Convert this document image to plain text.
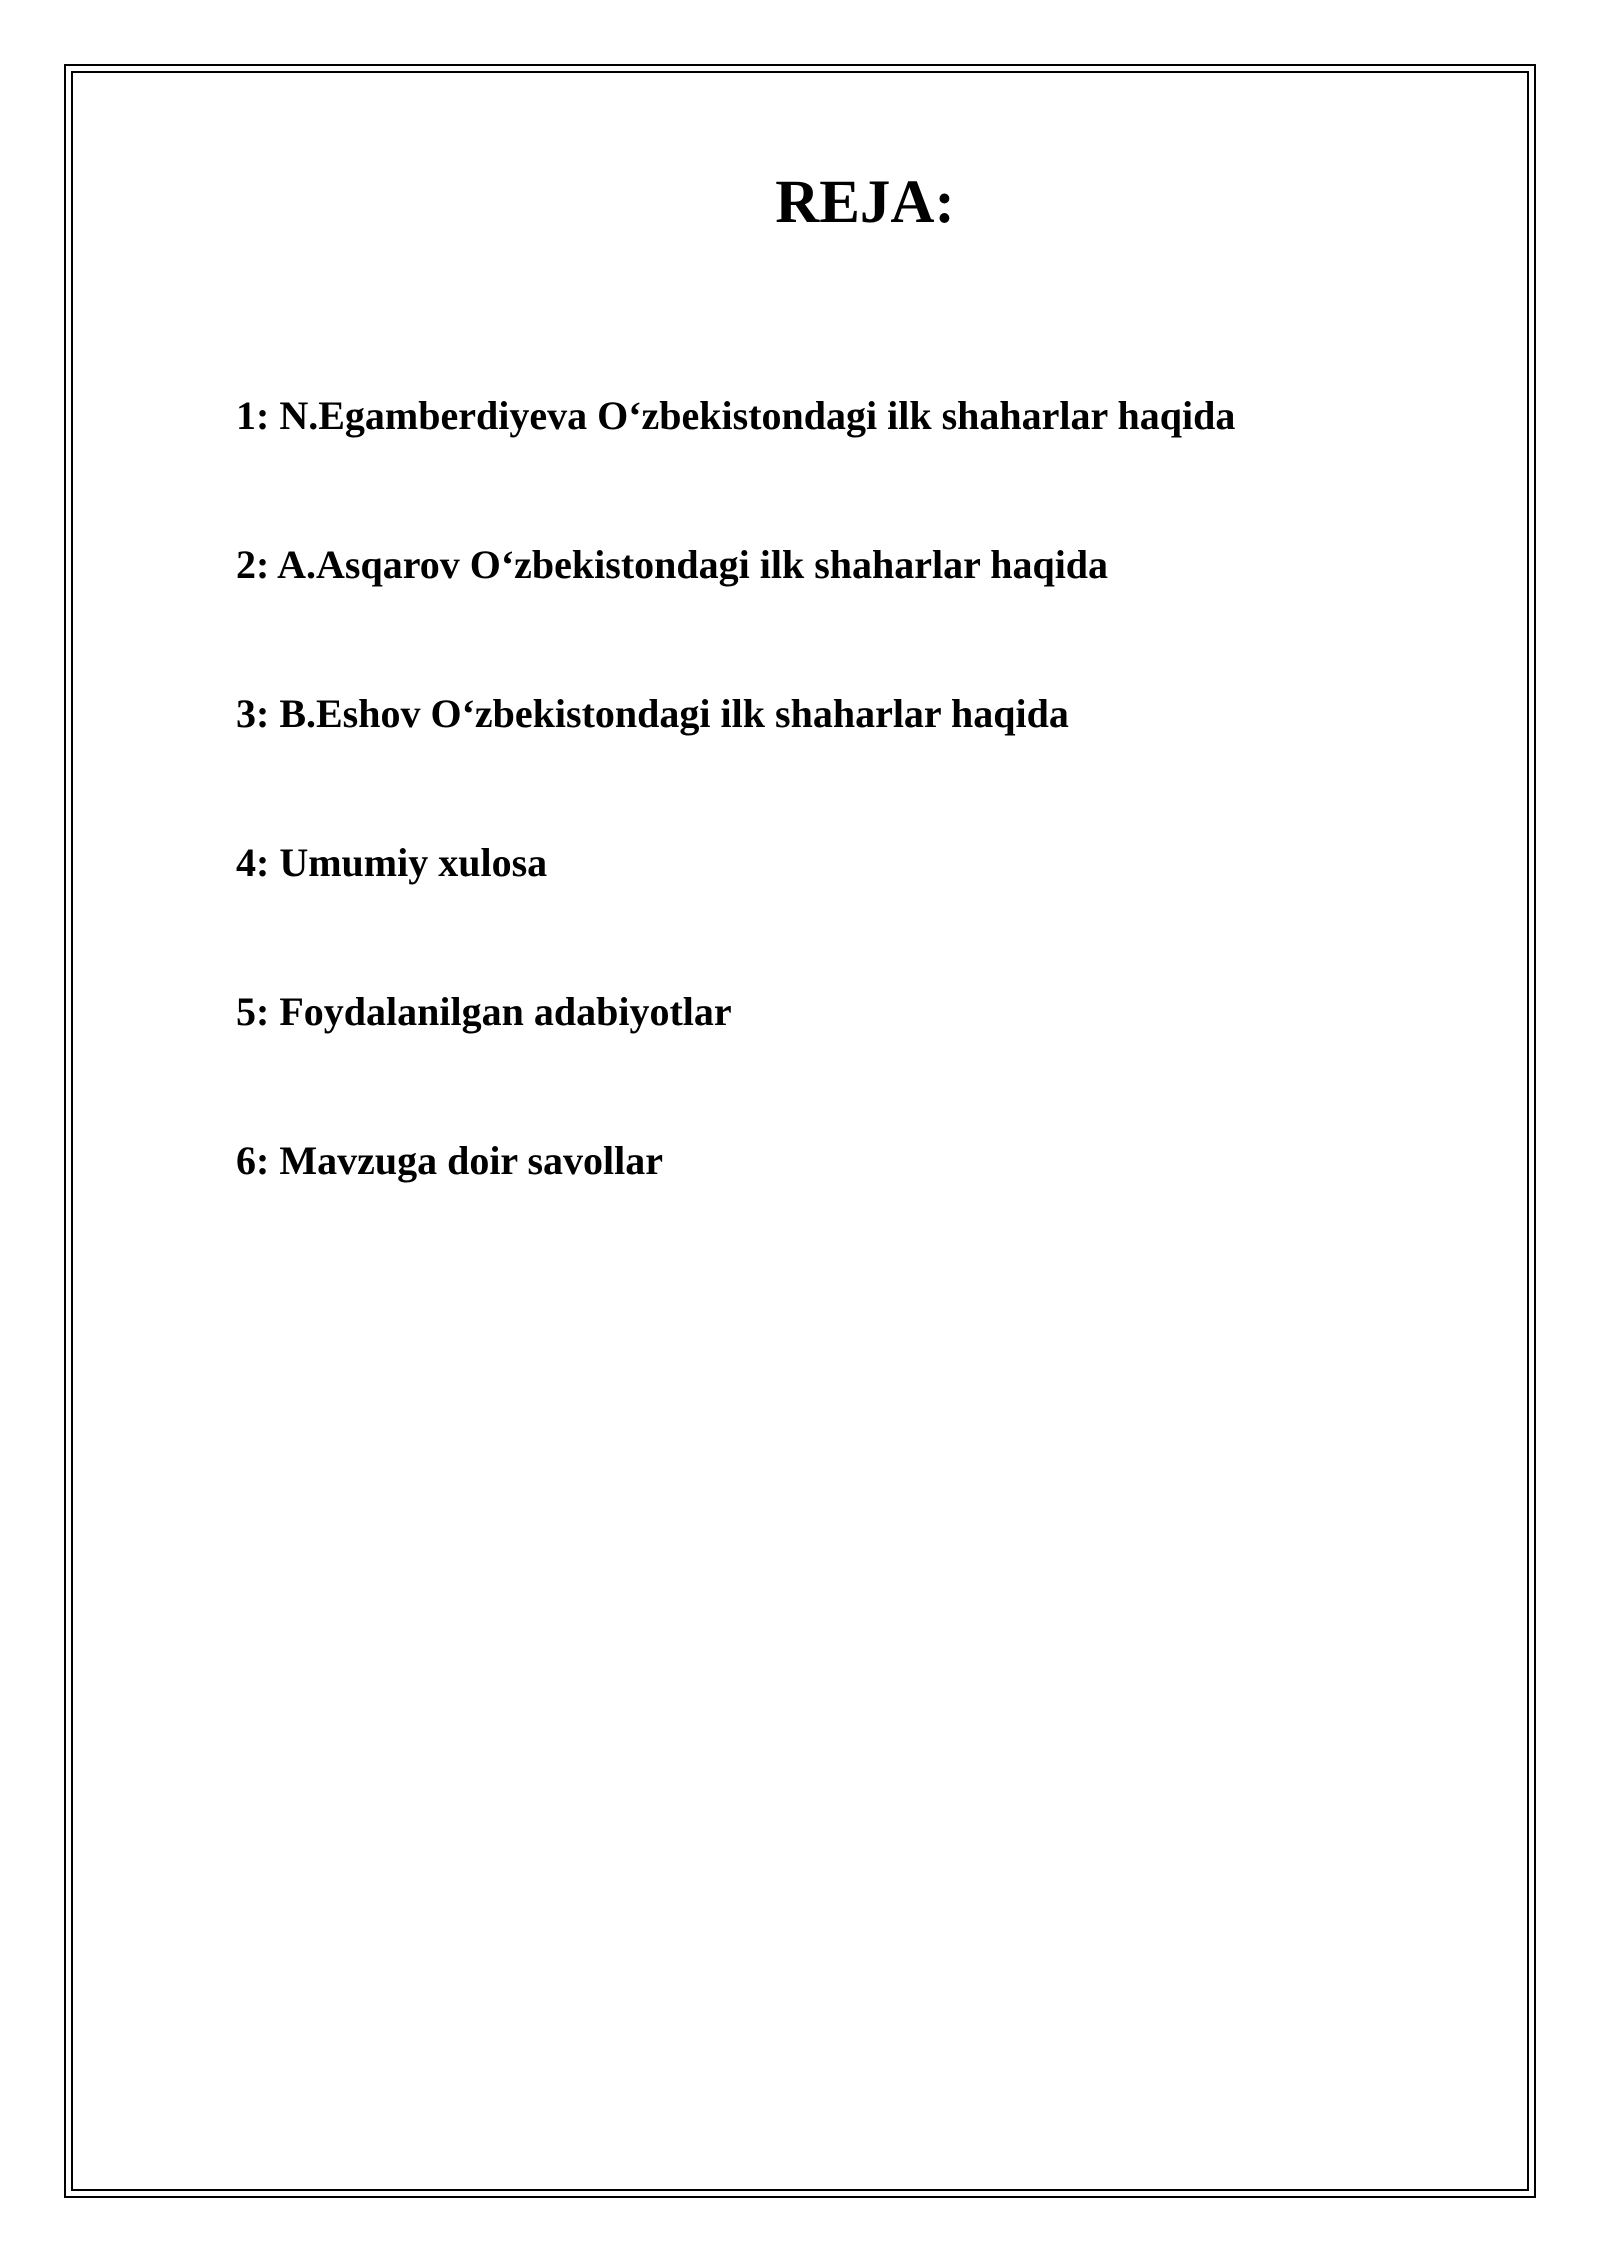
REJA:
1: N.Egamberdiyeva O‘zbekistondagi ilk shaharlar haqida
2: A.Asqarov O‘zbekistondagi ilk shaharlar haqida
3: B.Eshov O‘zbekistondagi ilk shaharlar haqida
4: Umumiy xulosa
5: Foydalanilgan adabiyotlar
6: Mavzuga doir savollar
